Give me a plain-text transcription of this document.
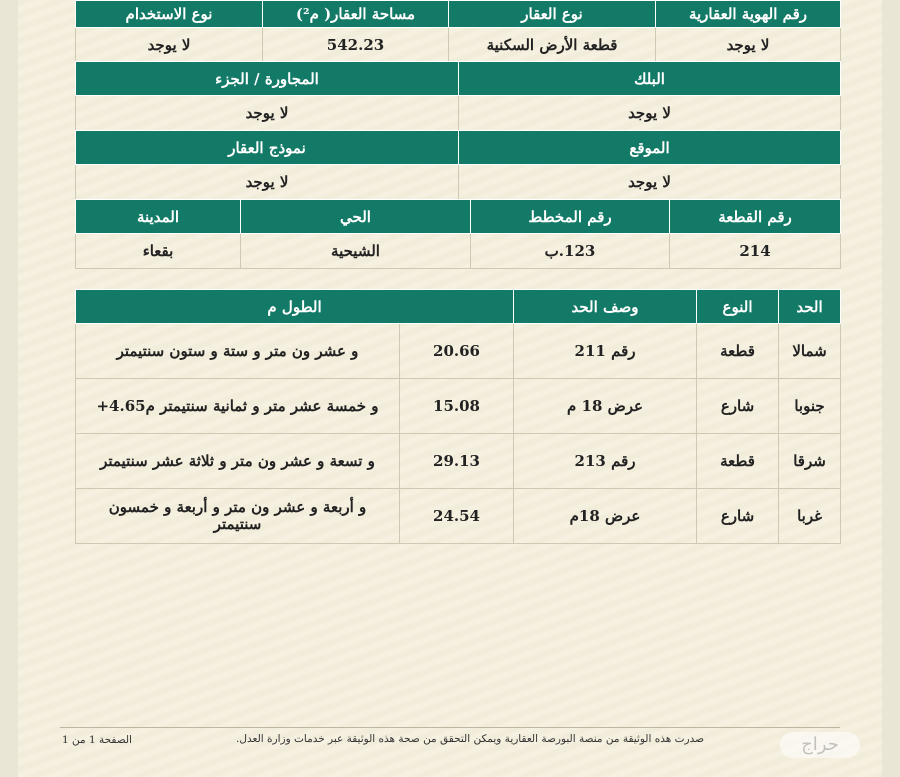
رقم الهوية العقارية	نوع العقار	مساحة العقار( م²)	نوع الاستخدام
لا يوجد	قطعة الأرض السكنية	542.23	لا يوجد
البلك	المجاورة / الجزء
لا يوجد	لا يوجد
الموقع	نموذج العقار
لا يوجد	لا يوجد
رقم القطعة	رقم المخطط	الحي	المدينة
214	123.ب	الشيحية	بقعاء
الحد	النوع	وصف الحد	الطول م	
شمالا	قطعة	رقم 211	20.66	و عشر ون متر و ستة و ستون سنتيمتر
جنوبا	شارع	عرض 18 م	15.08	و خمسة عشر متر و ثمانية سنتيمتر م4.65+
شرقا	قطعة	رقم 213	29.13	و تسعة و عشر ون متر و ثلاثة عشر سنتيمتر
غربا	شارع	عرض 18م	24.54	و أربعة و عشر ون متر و أربعة و خمسون سنتيمتر
صدرت هذه الوثيقة من منصة البورصة العقارية ويمكن التحقق من صحة هذه الوثيقة عبر خدمات وزارة العدل.
الصفحة 1 من 1	حراج
